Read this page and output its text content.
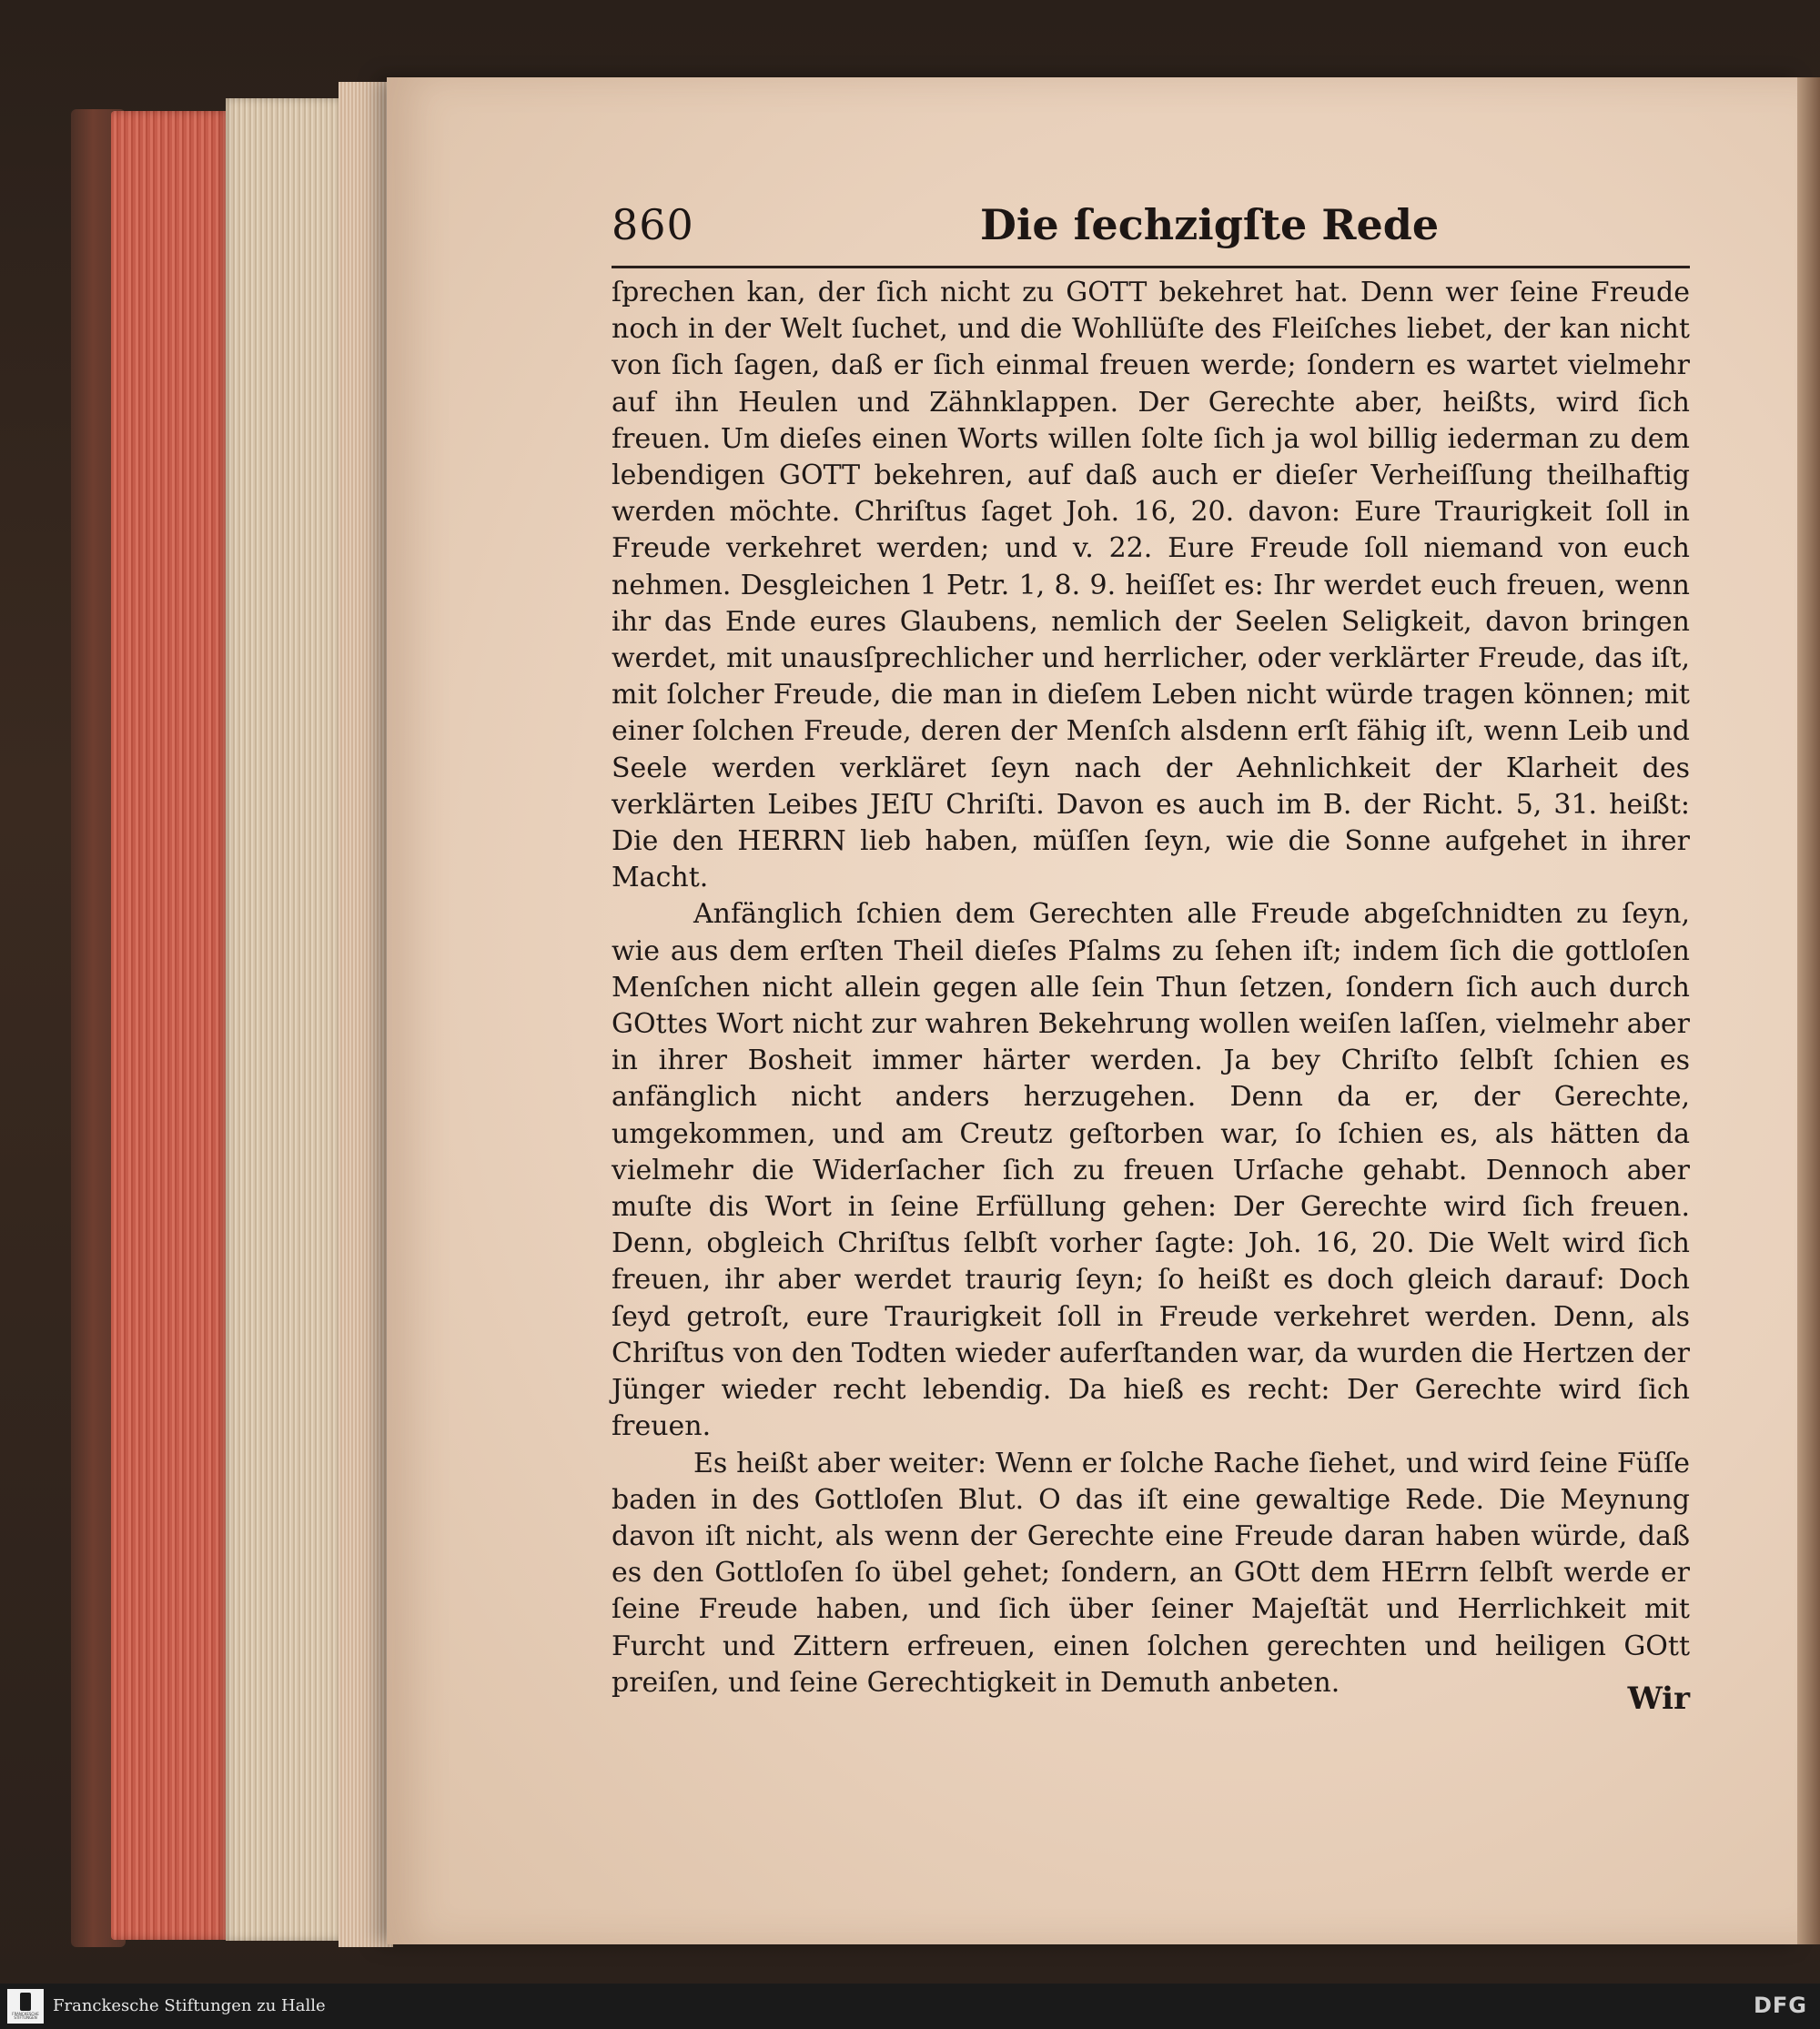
860	Die ſechzigſte Rede

ſprechen kan, der ſich nicht zu GOTT bekehret hat. Denn wer ſeine Freude noch in der Welt ſuchet, und die Wohllüſte des Fleiſches liebet, der kan nicht von ſich ſagen, daß er ſich einmal freuen werde; ſondern es wartet vielmehr auf ihn Heulen und Zähnklappen. Der Gerechte aber, heißts, wird ſich freuen. Um dieſes einen Worts willen ſolte ſich ja wol billig iederman zu dem lebendigen GOTT bekehren, auf daß auch er dieſer Verheiſſung theilhaftig werden möchte. Chriſtus ſaget Joh. 16, 20. davon: Eure Traurigkeit ſoll in Freude verkehret werden; und v. 22. Eure Freude ſoll niemand von euch nehmen. Desgleichen 1 Petr. 1, 8. 9. heiſſet es: Ihr werdet euch freuen, wenn ihr das Ende eures Glaubens, nemlich der Seelen Seligkeit, davon bringen werdet, mit unausſprechlicher und herrlicher, oder verklärter Freude, das iſt, mit ſolcher Freude, die man in dieſem Leben nicht würde tragen können; mit einer ſolchen Freude, deren der Menſch alsdenn erſt fähig iſt, wenn Leib und Seele werden verkläret ſeyn nach der Aehnlichkeit der Klarheit des verklärten Leibes JEſU Chriſti. Davon es auch im B. der Richt. 5, 31. heißt: Die den HERRN lieb haben, müſſen ſeyn, wie die Sonne aufgehet in ihrer Macht.

Anfänglich ſchien dem Gerechten alle Freude abgeſchnidten zu ſeyn, wie aus dem erſten Theil dieſes Pſalms zu ſehen iſt; indem ſich die gottloſen Menſchen nicht allein gegen alle ſein Thun ſetzen, ſondern ſich auch durch GOttes Wort nicht zur wahren Bekehrung wollen weiſen laſſen, vielmehr aber in ihrer Bosheit immer härter werden. Ja bey Chriſto ſelbſt ſchien es anfänglich nicht anders herzugehen. Denn da er, der Gerechte, umgekommen, und am Creutz geſtorben war, ſo ſchien es, als hätten da vielmehr die Widerſacher ſich zu freuen Urſache gehabt. Dennoch aber muſte dis Wort in ſeine Erfüllung gehen: Der Gerechte wird ſich freuen. Denn, obgleich Chriſtus ſelbſt vorher ſagte: Joh. 16, 20. Die Welt wird ſich freuen, ihr aber werdet traurig ſeyn; ſo heißt es doch gleich darauf: Doch ſeyd getroſt, eure Traurigkeit ſoll in Freude verkehret werden. Denn, als Chriſtus von den Todten wieder auferſtanden war, da wurden die Hertzen der Jünger wieder recht lebendig. Da hieß es recht: Der Gerechte wird ſich freuen.

Es heißt aber weiter: Wenn er ſolche Rache ſiehet, und wird ſeine Füſſe baden in des Gottloſen Blut. O das iſt eine gewaltige Rede. Die Meynung davon iſt nicht, als wenn der Gerechte eine Freude daran haben würde, daß es den Gottloſen ſo übel gehet; ſondern, an GOtt dem HErrn ſelbſt werde er ſeine Freude haben, und ſich über ſeiner Majeſtät und Herrlichkeit mit Furcht und Zittern erfreuen, einen ſolchen gerechten und heiligen GOtt preiſen, und ſeine Gerechtigkeit in Demuth anbeten.	Wir
FRANCKESCHE STIFTUNGEN
Franckesche Stiftungen zu Halle	DFG
